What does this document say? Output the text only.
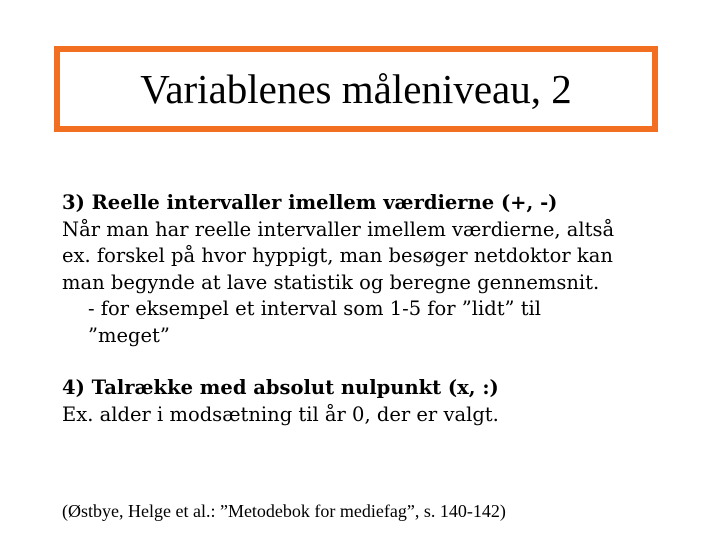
Variablenes måleniveau, 2
3) Reelle intervaller imellem værdierne (+, -)
Når man har reelle intervaller imellem værdierne, altså
ex. forskel på hvor hyppigt, man besøger netdoktor kan
man begynde at lave statistik og beregne gennemsnit.
- for eksempel et interval som 1-5 for ”lidt” til
”meget”
4) Talrække med absolut nulpunkt (x, :)
Ex. alder i modsætning til år 0, der er valgt.
(Østbye, Helge et al.: ”Metodebok for mediefag”, s. 140-142)
